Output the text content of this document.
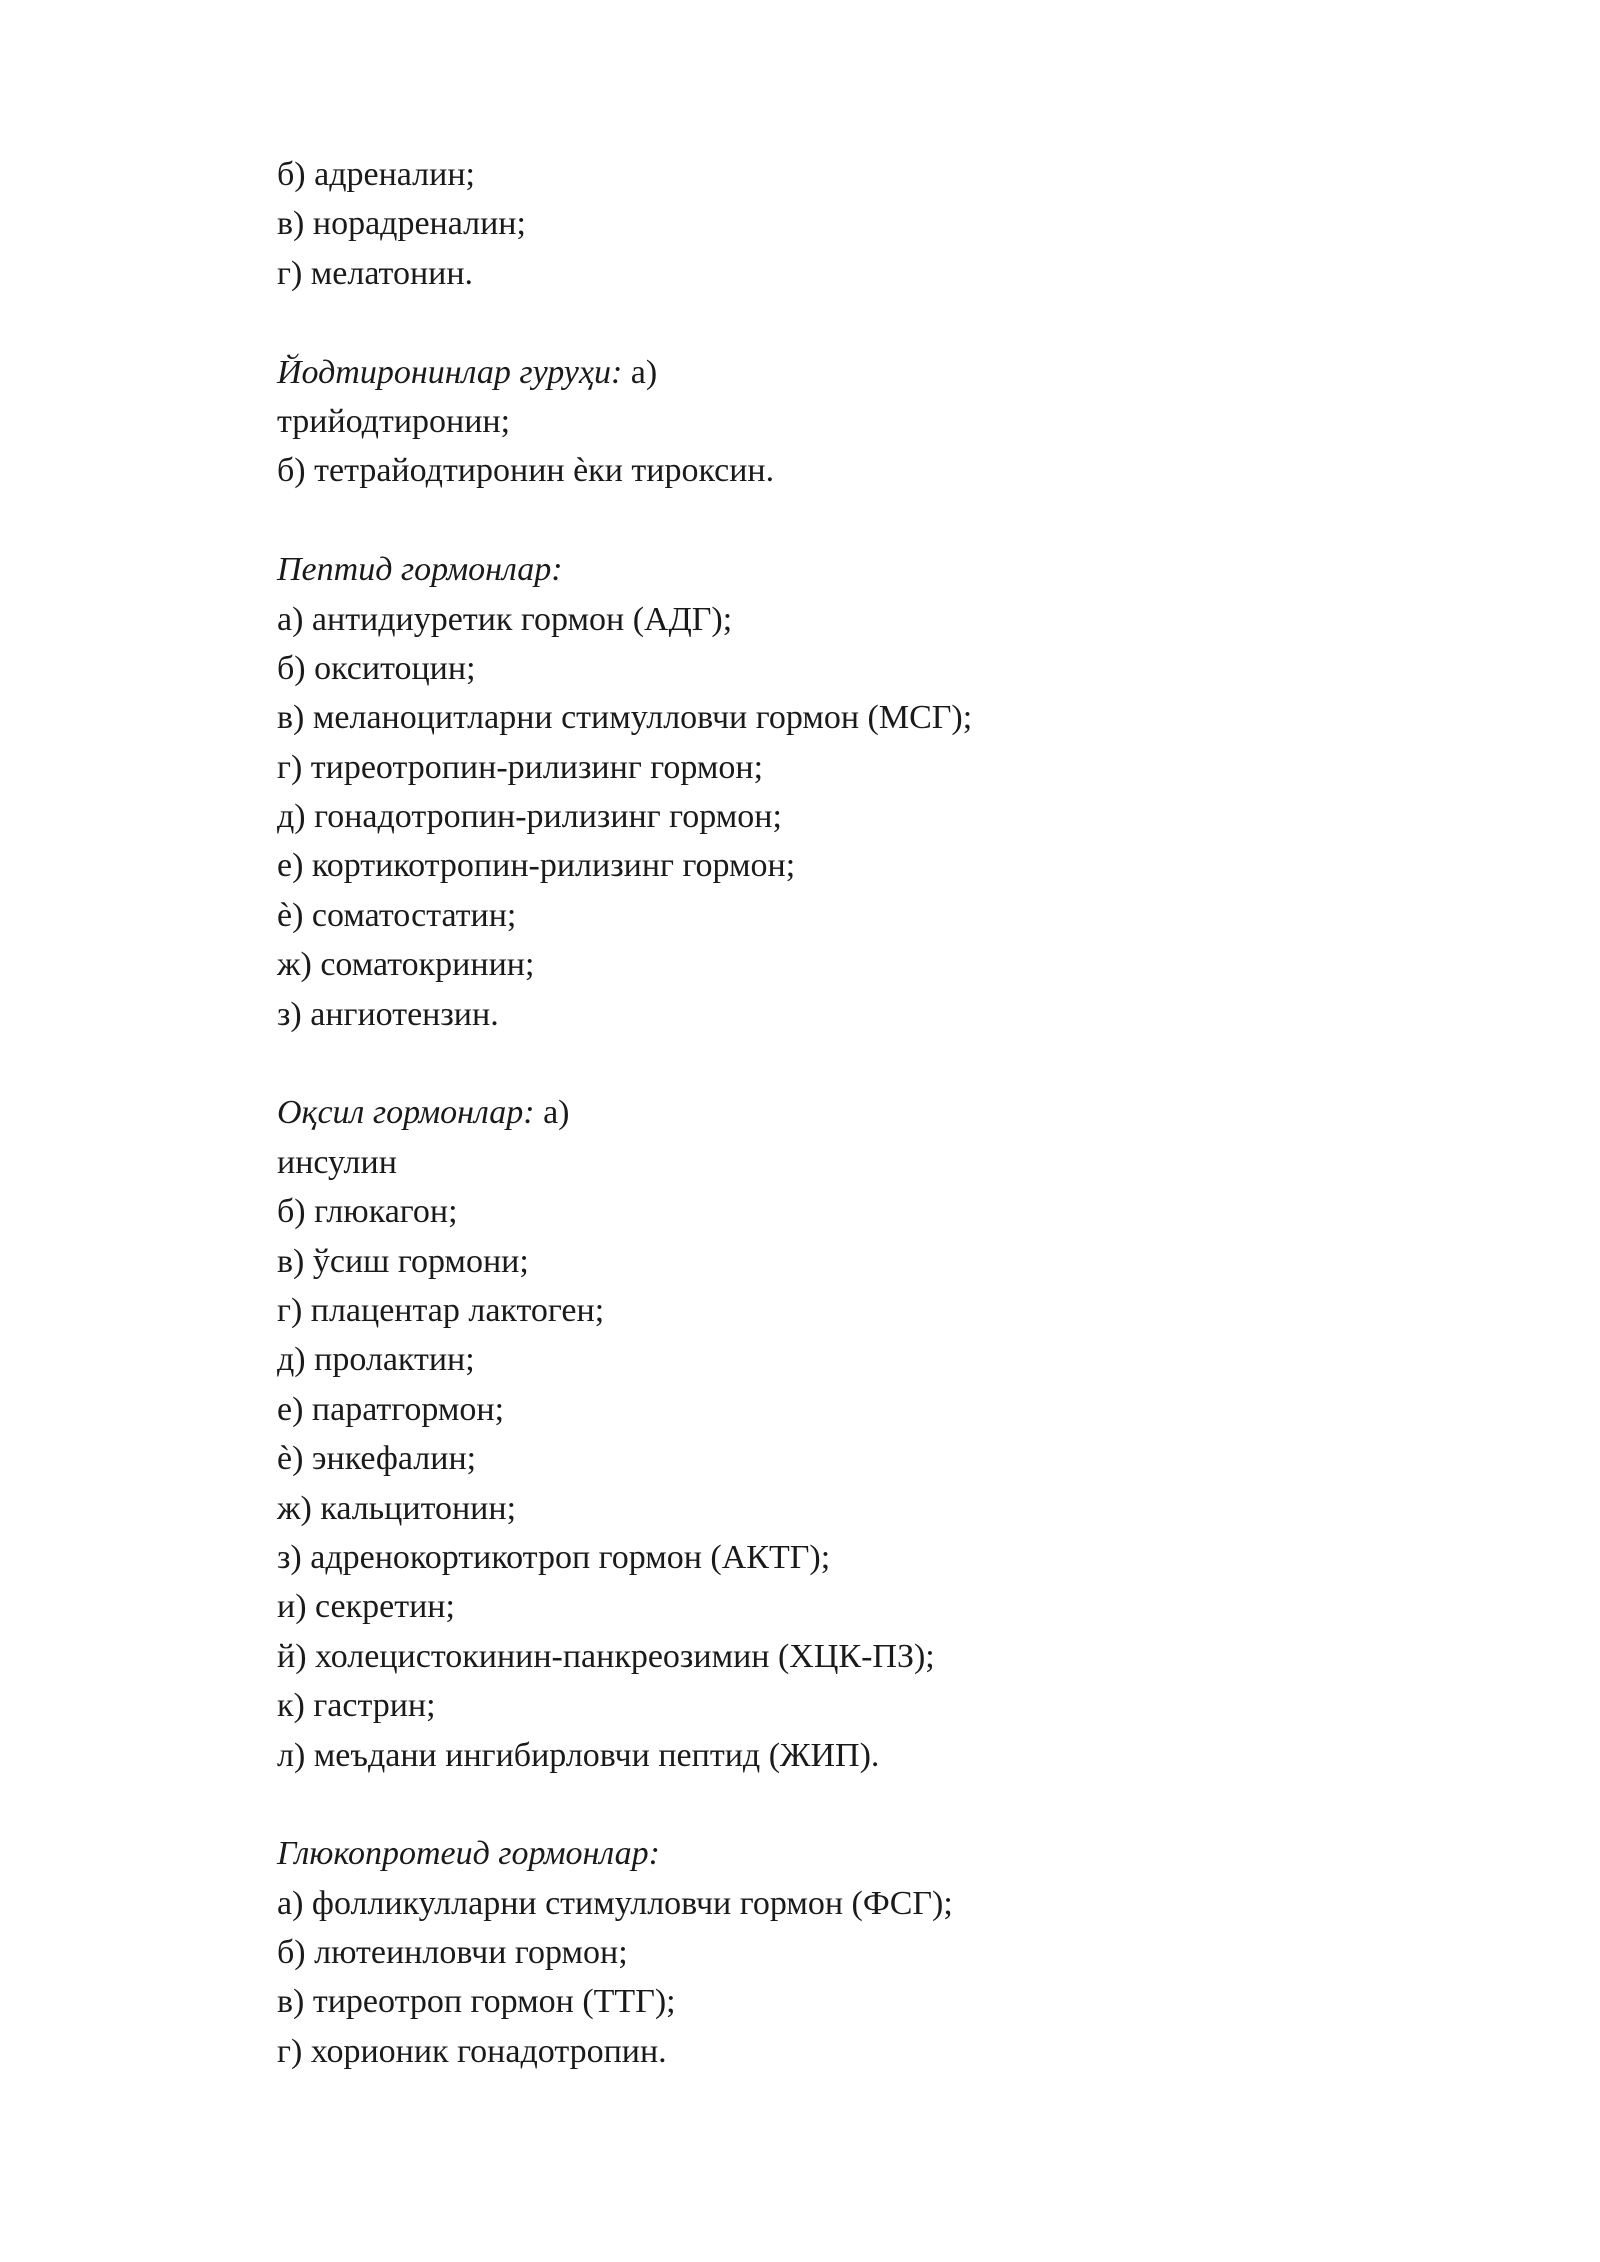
б) адреналин;
в) норадреналин;
г) мелатонин.
Йодтиронинлар гуруҳи: а)
трийодтиронин;
б) тетрайодтиронин ѐки тироксин.
Пептид гормонлар:
а) антидиуретик гормон (АДГ);
б) окситоцин;
в) меланоцитларни стимулловчи гормон (МСГ);
г) тиреотропин-рилизинг гормон;
д) гонадотропин-рилизинг гормон;
е) кортикотропин-рилизинг гормон;
ѐ) соматостатин;
ж) соматокринин;
з) ангиотензин.
Оқсил гормонлар: а)
инсулин
б) глюкагон;
в) ўсиш гормони;
г) плацентар лактоген;
д) пролактин;
е) паратгормон;
ѐ) энкефалин;
ж) кальцитонин;
з) адренокортикотроп гормон (АКТГ);
и) секретин;
й) холецистокинин-панкреозимин (ХЦК-ПЗ);
к) гастрин;
л) меъдани ингибирловчи пептид (ЖИП).
Глюкопротеид гормонлар:
а) фолликулларни стимулловчи гормон (ФСГ);
б) лютеинловчи гормон;
в) тиреотроп гормон (ТТГ);
г) хорионик гонадотропин.
